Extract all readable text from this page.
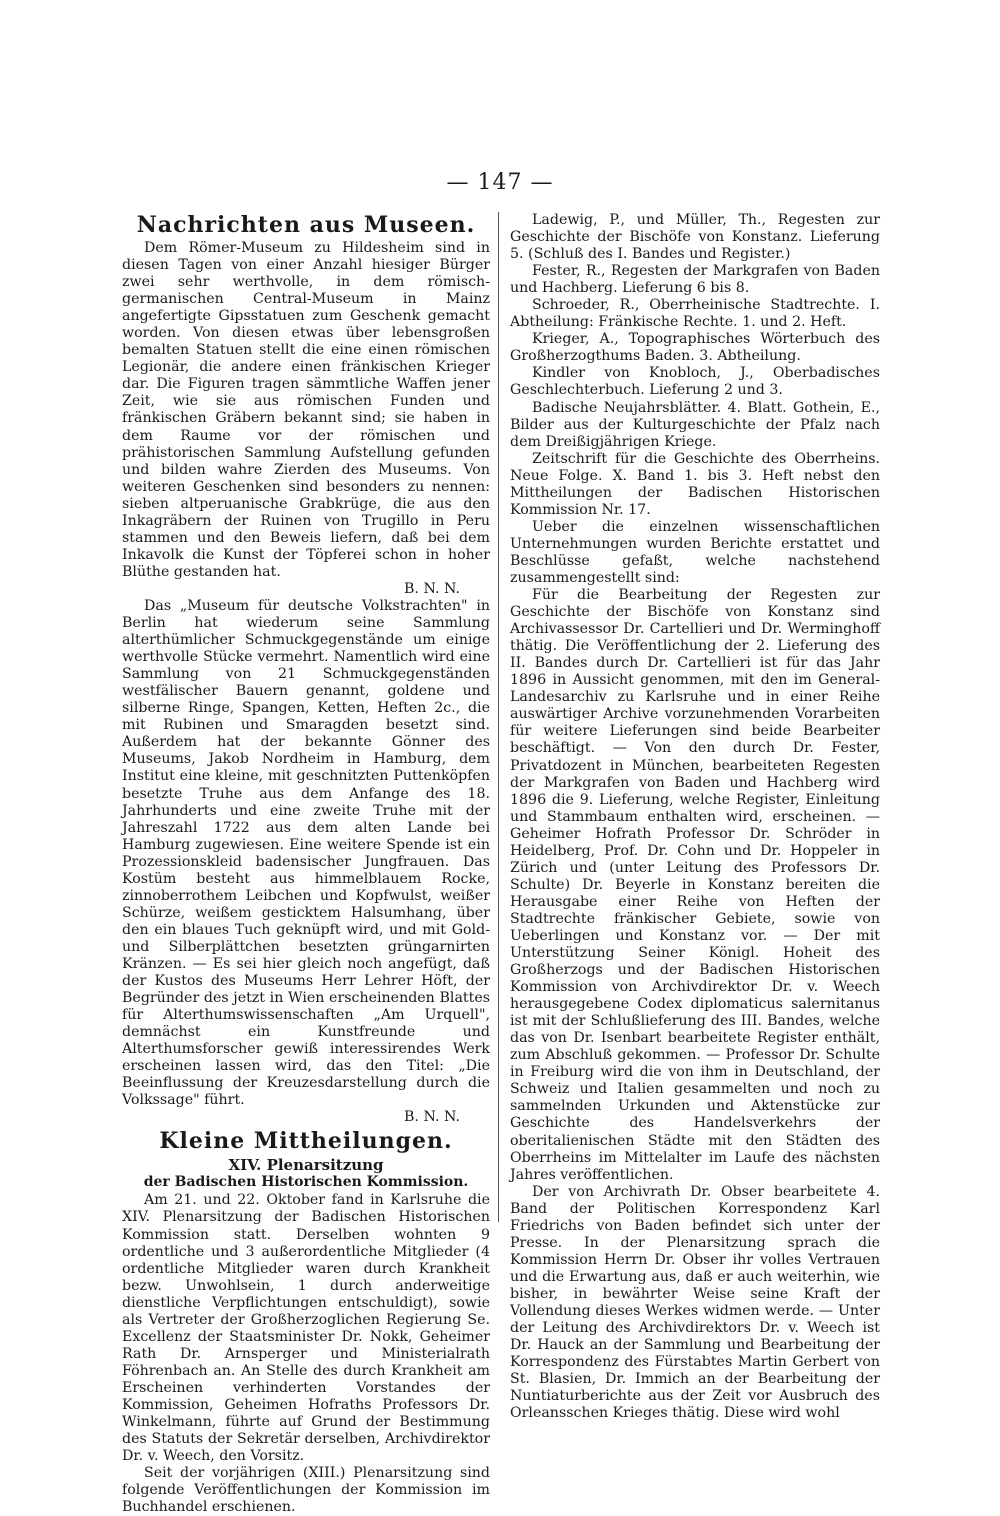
— 147 —
Nachrichten aus Museen.

Dem Römer-Museum zu Hildesheim sind in diesen Tagen von einer Anzahl hiesiger Bürger zwei sehr werthvolle, in dem römisch-germanischen Central-Museum in Mainz angefertigte Gipsstatuen zum Geschenk gemacht worden. Von diesen etwas über lebensgroßen bemalten Statuen stellt die eine einen römischen Legionär, die andere einen fränkischen Krieger dar. Die Figuren tragen sämmtliche Waffen jener Zeit, wie sie aus römischen Funden und fränkischen Gräbern bekannt sind; sie haben in dem Raume vor der römischen und prähistorischen Sammlung Aufstellung gefunden und bilden wahre Zierden des Museums. Von weiteren Geschenken sind besonders zu nennen: sieben altperuanische Grabkrüge, die aus den Inkagräbern der Ruinen von Trugillo in Peru stammen und den Beweis liefern, daß bei dem Inkavolk die Kunst der Töpferei schon in hoher Blüthe gestanden hat.

B. N. N.

Das „Museum für deutsche Volkstrachten" in Berlin hat wiederum seine Sammlung alterthümlicher Schmuckgegenstände um einige werthvolle Stücke vermehrt. Namentlich wird eine Sammlung von 21 Schmuckgegenständen westfälischer Bauern genannt, goldene und silberne Ringe, Spangen, Ketten, Heften 2c., die mit Rubinen und Smaragden besetzt sind. Außerdem hat der bekannte Gönner des Museums, Jakob Nordheim in Hamburg, dem Institut eine kleine, mit geschnitzten Puttenköpfen besetzte Truhe aus dem Anfange des 18. Jahrhunderts und eine zweite Truhe mit der Jahreszahl 1722 aus dem alten Lande bei Hamburg zugewiesen. Eine weitere Spende ist ein Prozessionskleid badensischer Jungfrauen. Das Kostüm besteht aus himmelblauem Rocke, zinnoberrothem Leibchen und Kopfwulst, weißer Schürze, weißem gesticktem Halsumhang, über den ein blaues Tuch geknüpft wird, und mit Gold- und Silberplättchen besetzten grüngarnirten Kränzen. — Es sei hier gleich noch angefügt, daß der Kustos des Museums Herr Lehrer Höft, der Begründer des jetzt in Wien erscheinenden Blattes für Alterthumswissenschaften „Am Urquell", demnächst ein Kunstfreunde und Alterthumsforscher gewiß interessirendes Werk erscheinen lassen wird, das den Titel: „Die Beeinflussung der Kreuzesdarstellung durch die Volkssage" führt.

B. N. N.
Kleine Mittheilungen.
XIV. Plenarsitzung
der Badischen Historischen Kommission.

Am 21. und 22. Oktober fand in Karlsruhe die XIV. Plenarsitzung der Badischen Historischen Kommission statt. Derselben wohnten 9 ordentliche und 3 außerordentliche Mitglieder (4 ordentliche Mitglieder waren durch Krankheit bezw. Unwohlsein, 1 durch anderweitige dienstliche Verpflichtungen entschuldigt), sowie als Vertreter der Großherzoglichen Regierung Se. Excellenz der Staatsminister Dr. Nokk, Geheimer Rath Dr. Arnsperger und Ministerialrath Föhrenbach an. An Stelle des durch Krankheit am Erscheinen verhinderten Vorstandes der Kommission, Geheimen Hofraths Professors Dr. Winkelmann, führte auf Grund der Bestimmung des Statuts der Sekretär derselben, Archivdirektor Dr. v. Weech, den Vorsitz.

Seit der vorjährigen (XIII.) Plenarsitzung sind folgende Veröffentlichungen der Kommission im Buchhandel erschienen.

Ladewig, P., und Müller, Th., Regesten zur Geschichte der Bischöfe von Konstanz. Lieferung 5. (Schluß des I. Bandes und Register.)

Fester, R., Regesten der Markgrafen von Baden und Hachberg. Lieferung 6 bis 8.

Schroeder, R., Oberrheinische Stadtrechte. I. Abtheilung: Fränkische Rechte. 1. und 2. Heft.

Krieger, A., Topographisches Wörterbuch des Großherzogthums Baden. 3. Abtheilung.

Kindler von Knobloch, J., Oberbadisches Geschlechterbuch. Lieferung 2 und 3.

Badische Neujahrsblätter. 4. Blatt. Gothein, E., Bilder aus der Kulturgeschichte der Pfalz nach dem Dreißigjährigen Kriege.

Zeitschrift für die Geschichte des Oberrheins. Neue Folge. X. Band 1. bis 3. Heft nebst den Mittheilungen der Badischen Historischen Kommission Nr. 17.

Ueber die einzelnen wissenschaftlichen Unternehmungen wurden Berichte erstattet und Beschlüsse gefaßt, welche nachstehend zusammengestellt sind:

Für die Bearbeitung der Regesten zur Geschichte der Bischöfe von Konstanz sind Archivassessor Dr. Cartellieri und Dr. Werminghoff thätig. Die Veröffentlichung der 2. Lieferung des II. Bandes durch Dr. Cartellieri ist für das Jahr 1896 in Aussicht genommen, mit den im General-Landesarchiv zu Karlsruhe und in einer Reihe auswärtiger Archive vorzunehmenden Vorarbeiten für weitere Lieferungen sind beide Bearbeiter beschäftigt. — Von den durch Dr. Fester, Privatdozent in München, bearbeiteten Regesten der Markgrafen von Baden und Hachberg wird 1896 die 9. Lieferung, welche Register, Einleitung und Stammbaum enthalten wird, erscheinen. — Geheimer Hofrath Professor Dr. Schröder in Heidelberg, Prof. Dr. Cohn und Dr. Hoppeler in Zürich und (unter Leitung des Professors Dr. Schulte) Dr. Beyerle in Konstanz bereiten die Herausgabe einer Reihe von Heften der Stadtrechte fränkischer Gebiete, sowie von Ueberlingen und Konstanz vor. — Der mit Unterstützung Seiner Königl. Hoheit des Großherzogs und der Badischen Historischen Kommission von Archivdirektor Dr. v. Weech herausgegebene Codex diplomaticus salernitanus ist mit der Schlußlieferung des III. Bandes, welche das von Dr. Isenbart bearbeitete Register enthält, zum Abschluß gekommen. — Professor Dr. Schulte in Freiburg wird die von ihm in Deutschland, der Schweiz und Italien gesammelten und noch zu sammelnden Urkunden und Aktenstücke zur Geschichte des Handelsverkehrs der oberitalienischen Städte mit den Städten des Oberrheins im Mittelalter im Laufe des nächsten Jahres veröffentlichen.

Der von Archivrath Dr. Obser bearbeitete 4. Band der Politischen Korrespondenz Karl Friedrichs von Baden befindet sich unter der Presse. In der Plenarsitzung sprach die Kommission Herrn Dr. Obser ihr volles Vertrauen und die Erwartung aus, daß er auch weiterhin, wie bisher, in bewährter Weise seine Kraft der Vollendung dieses Werkes widmen werde. — Unter der Leitung des Archivdirektors Dr. v. Weech ist Dr. Hauck an der Sammlung und Bearbeitung der Korrespondenz des Fürstabtes Martin Gerbert von St. Blasien, Dr. Immich an der Bearbeitung der Nuntiaturberichte aus der Zeit vor Ausbruch des Orleansschen Krieges thätig. Diese wird wohl
